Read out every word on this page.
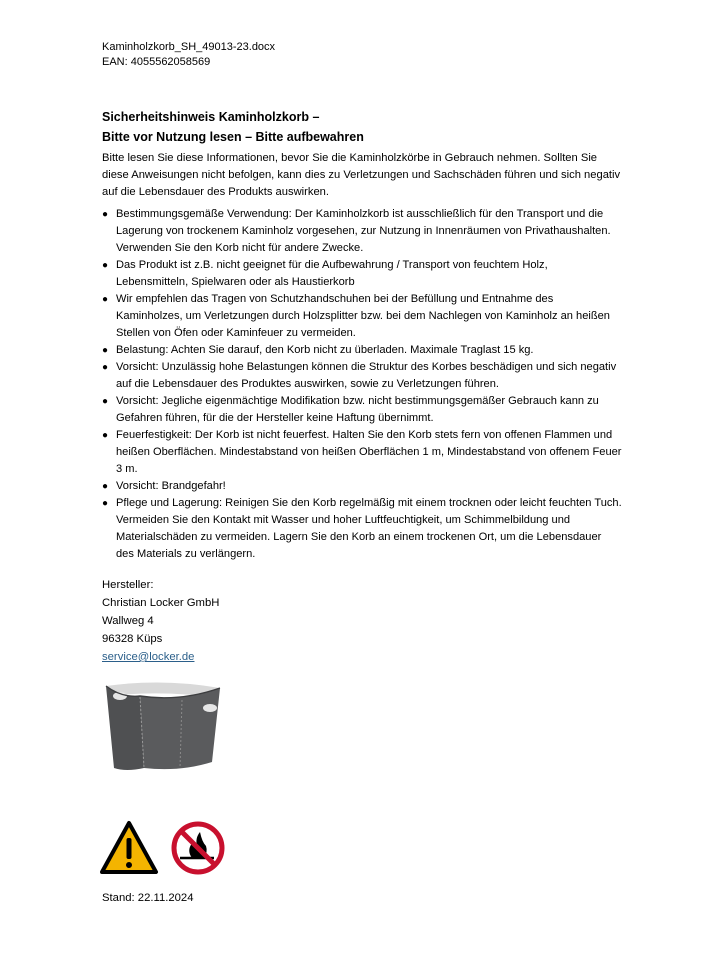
Kaminholzkorb_SH_49013-23.docx
EAN: 4055562058569
Sicherheitshinweis Kaminholzkorb –
Bitte vor Nutzung lesen – Bitte aufbewahren
Bitte lesen Sie diese Informationen, bevor Sie die Kaminholzkörbe in Gebrauch nehmen. Sollten Sie diese Anweisungen nicht befolgen, kann dies zu Verletzungen und Sachschäden führen und sich negativ auf die Lebensdauer des Produkts auswirken.
● Bestimmungsgemäße Verwendung: Der Kaminholzkorb ist ausschließlich für den Transport und die Lagerung von trockenem Kaminholz vorgesehen, zur Nutzung in Innenräumen von Privathaushalten. Verwenden Sie den Korb nicht für andere Zwecke.
● Das Produkt ist z.B. nicht geeignet für die Aufbewahrung / Transport von feuchtem Holz, Lebensmitteln, Spielwaren oder als Haustierkorb
● Wir empfehlen das Tragen von Schutzhandschuhen bei der Befüllung und Entnahme des Kaminholzes, um Verletzungen durch Holzsplitter bzw. bei dem Nachlegen von Kaminholz an heißen Stellen von Öfen oder Kaminfeuer zu vermeiden.
● Belastung: Achten Sie darauf, den Korb nicht zu überladen. Maximale Traglast 15 kg.
● Vorsicht: Unzulässig hohe Belastungen können die Struktur des Korbes beschädigen und sich negativ auf die Lebensdauer des Produktes auswirken, sowie zu Verletzungen führen.
● Vorsicht: Jegliche eigenmächtige Modifikation bzw. nicht bestimmungsgemäßer Gebrauch kann zu Gefahren führen, für die der Hersteller keine Haftung übernimmt.
● Feuerfestigkeit: Der Korb ist nicht feuerfest. Halten Sie den Korb stets fern von offenen Flammen und heißen Oberflächen. Mindestabstand von heißen Oberflächen 1 m, Mindestabstand von offenem Feuer 3 m.
● Vorsicht: Brandgefahr!
● Pflege und Lagerung: Reinigen Sie den Korb regelmäßig mit einem trocknen oder leicht feuchten Tuch. Vermeiden Sie den Kontakt mit Wasser und hoher Luftfeuchtigkeit, um Schimmelbildung und Materialschäden zu vermeiden. Lagern Sie den Korb an einem trockenen Ort, um die Lebensdauer des Materials zu verlängern.
Hersteller:
Christian Locker GmbH
Wallweg 4
96328 Küps
service@locker.de
Stand: 22.11.2024
